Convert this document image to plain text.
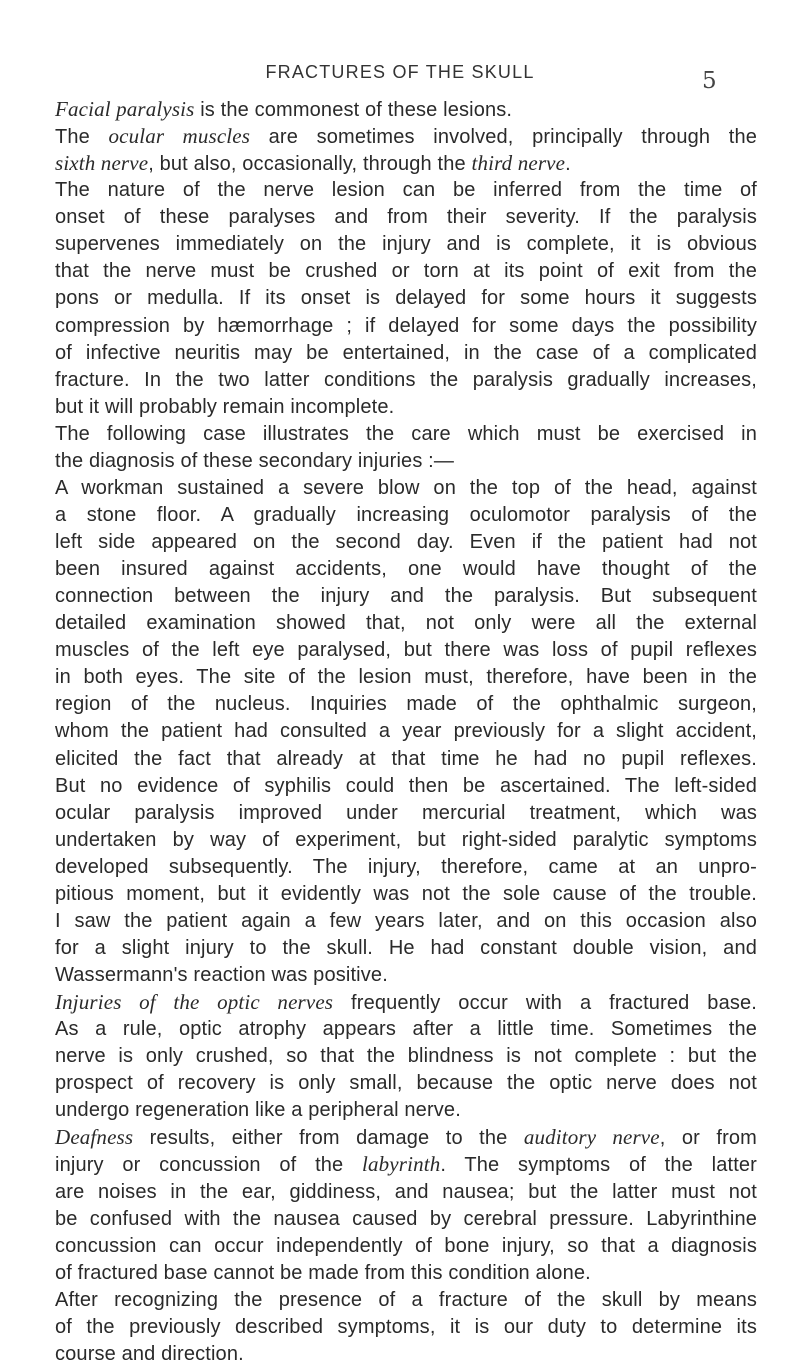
FRACTURES OF THE SKULL	5
Facial paralysis is the commonest of these lesions.
The ocular muscles are sometimes involved, principally through the
sixth nerve, but also, occasionally, through the third nerve.
The nature of the nerve lesion can be inferred from the time of
onset of these paralyses and from their severity. If the paralysis
supervenes immediately on the injury and is complete, it is obvious
that the nerve must be crushed or torn at its point of exit from the
pons or medulla. If its onset is delayed for some hours it suggests
compression by hæmorrhage ; if delayed for some days the possibility
of infective neuritis may be entertained, in the case of a complicated
fracture. In the two latter conditions the paralysis gradually increases,
but it will probably remain incomplete.
The following case illustrates the care which must be exercised in
the diagnosis of these secondary injuries :—
A workman sustained a severe blow on the top of the head, against
a stone floor. A gradually increasing oculomotor paralysis of the
left side appeared on the second day. Even if the patient had not
been insured against accidents, one would have thought of the
connection between the injury and the paralysis. But subsequent
detailed examination showed that, not only were all the external
muscles of the left eye paralysed, but there was loss of pupil reflexes
in both eyes. The site of the lesion must, therefore, have been in the
region of the nucleus. Inquiries made of the ophthalmic surgeon,
whom the patient had consulted a year previously for a slight accident,
elicited the fact that already at that time he had no pupil reflexes.
But no evidence of syphilis could then be ascertained. The left-sided
ocular paralysis improved under mercurial treatment, which was
undertaken by way of experiment, but right-sided paralytic symptoms
developed subsequently. The injury, therefore, came at an unpro-
pitious moment, but it evidently was not the sole cause of the trouble.
I saw the patient again a few years later, and on this occasion also
for a slight injury to the skull. He had constant double vision, and
Wassermann's reaction was positive.
Injuries of the optic nerves frequently occur with a fractured base.
As a rule, optic atrophy appears after a little time. Sometimes the
nerve is only crushed, so that the blindness is not complete : but the
prospect of recovery is only small, because the optic nerve does not
undergo regeneration like a peripheral nerve.
Deafness results, either from damage to the auditory nerve, or from
injury or concussion of the labyrinth. The symptoms of the latter
are noises in the ear, giddiness, and nausea; but the latter must not
be confused with the nausea caused by cerebral pressure. Labyrinthine
concussion can occur independently of bone injury, so that a diagnosis
of fractured base cannot be made from this condition alone.
After recognizing the presence of a fracture of the skull by means
of the previously described symptoms, it is our duty to determine its
course and direction.
